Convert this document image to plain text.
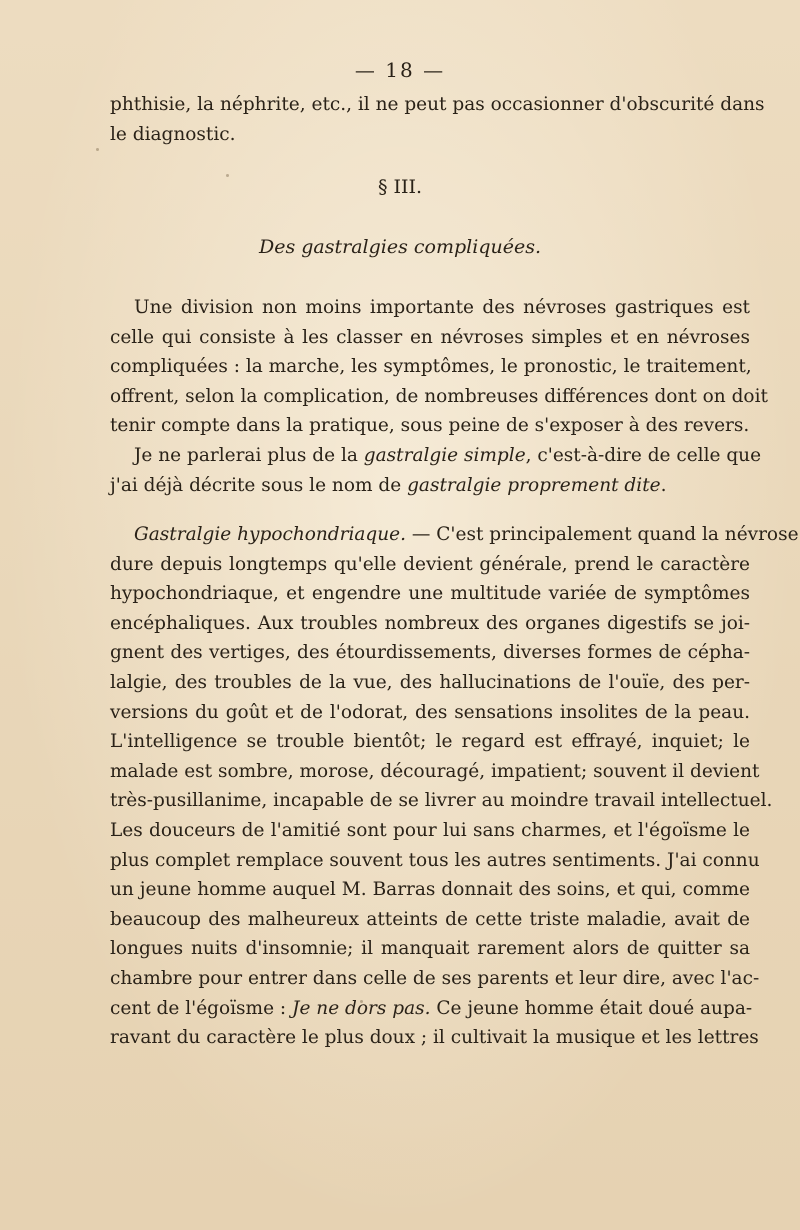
— 18 —
phthisie, la néphrite, etc., il ne peut pas occasionner d'obscurité dans
le diagnostic.
§ III.
Des gastralgies compliquées.
Une division non moins importante des névroses gastriques est
celle qui consiste à les classer en névroses simples et en névroses
compliquées : la marche, les symptômes, le pronostic, le traitement,
offrent, selon la complication, de nombreuses différences dont on doit
tenir compte dans la pratique, sous peine de s'exposer à des revers.
Je ne parlerai plus de la gastralgie simple, c'est-à-dire de celle que
j'ai déjà décrite sous le nom de gastralgie proprement dite.
Gastralgie hypochondriaque. — C'est principalement quand la névrose
dure depuis longtemps qu'elle devient générale, prend le caractère
hypochondriaque, et engendre une multitude variée de symptômes
encéphaliques. Aux troubles nombreux des organes digestifs se joi-
gnent des vertiges, des étourdissements, diverses formes de cépha-
lalgie, des troubles de la vue, des hallucinations de l'ouïe, des per-
versions du goût et de l'odorat, des sensations insolites de la peau.
L'intelligence se trouble bientôt; le regard est effrayé, inquiet; le
malade est sombre, morose, découragé, impatient; souvent il devient
très-pusillanime, incapable de se livrer au moindre travail intellectuel.
Les douceurs de l'amitié sont pour lui sans charmes, et l'égoïsme le
plus complet remplace souvent tous les autres sentiments. J'ai connu
un jeune homme auquel M. Barras donnait des soins, et qui, comme
beaucoup des malheureux atteints de cette triste maladie, avait de
longues nuits d'insomnie; il manquait rarement alors de quitter sa
chambre pour entrer dans celle de ses parents et leur dire, avec l'ac-
cent de l'égoïsme : Je ne dors pas. Ce jeune homme était doué aupa-
ravant du caractère le plus doux ; il cultivait la musique et les lettres
